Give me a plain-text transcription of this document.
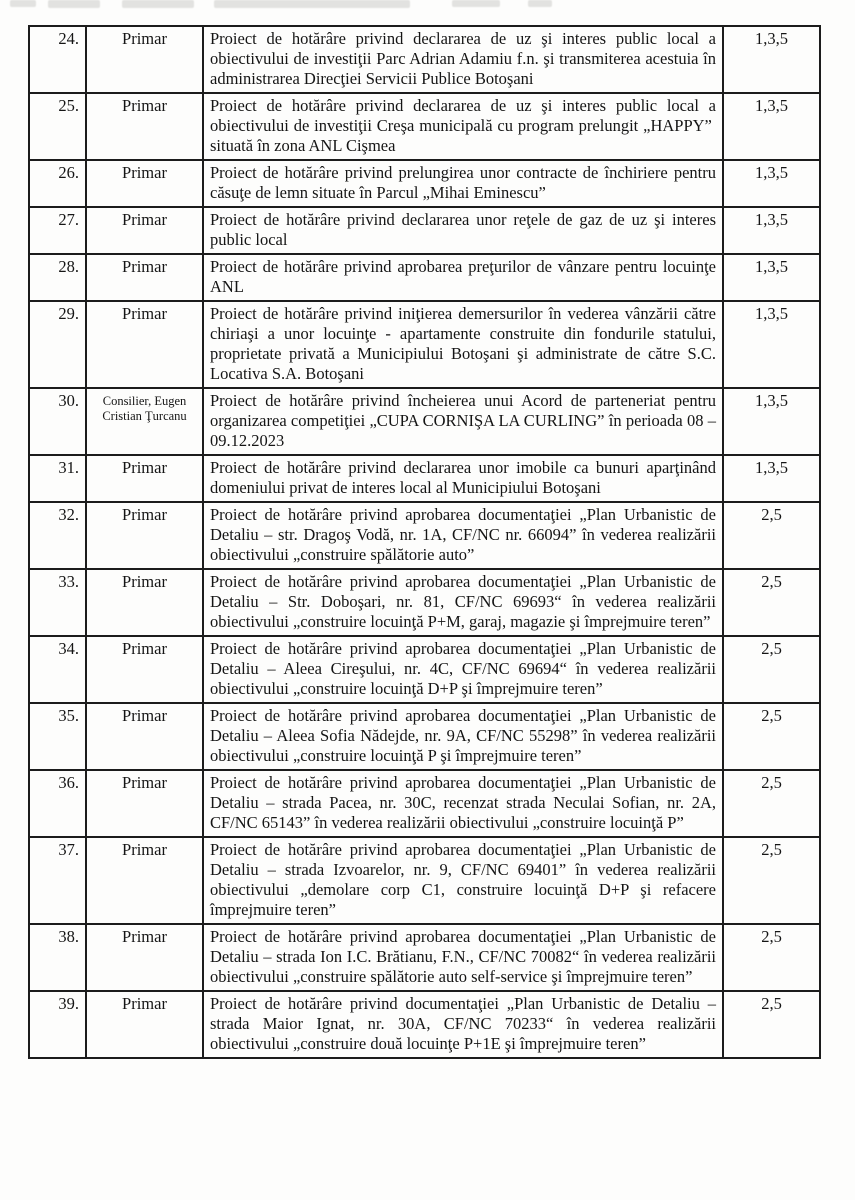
24.	Primar	Proiect de hotărâre privind declararea de uz şi interes public local a obiectivului de investiţii Parc Adrian Adamiu f.n. şi transmiterea acestuia în administrarea Direcţiei Servicii Publice Botoşani	1,3,5
25.	Primar	Proiect de hotărâre privind declararea de uz şi interes public local a obiectivului de investiţii Creşa municipală cu program prelungit „HAPPY”  situată în zona ANL Cişmea	1,3,5
26.	Primar	Proiect de hotărâre privind prelungirea unor contracte de închiriere pentru căsuţe de lemn situate în Parcul „Mihai Eminescu”	1,3,5
27.	Primar	Proiect de hotărâre privind declararea unor reţele de gaz de uz şi interes public local	1,3,5
28.	Primar	Proiect de hotărâre privind aprobarea preţurilor de vânzare pentru locuinţe ANL	1,3,5
29.	Primar	Proiect de hotărâre privind iniţierea demersurilor în vederea vânzării către chiriaşi a unor locuinţe - apartamente construite din fondurile statului, proprietate privată a Municipiului Botoşani şi administrate de către S.C. Locativa S.A. Botoşani	1,3,5
30.	Consilier, Eugen Cristian Ţurcanu	Proiect de hotărâre privind încheierea unui Acord de parteneriat pentru organizarea competiţiei „CUPA CORNIŞA LA CURLING” în perioada 08 – 09.12.2023	1,3,5
31.	Primar	Proiect de hotărâre privind declararea unor imobile ca bunuri aparţinând domeniului privat de interes local al Municipiului Botoşani	1,3,5
32.	Primar	Proiect de hotărâre privind aprobarea documentaţiei „Plan Urbanistic de Detaliu – str. Dragoş Vodă, nr. 1A, CF/NC nr. 66094” în vederea realizării obiectivului „construire spălătorie auto”	2,5
33.	Primar	Proiect de hotărâre privind aprobarea documentaţiei „Plan Urbanistic de Detaliu – Str. Doboşari, nr. 81, CF/NC 69693“ în vederea realizării obiectivului „construire locuinţă P+M, garaj, magazie şi împrejmuire teren”	2,5
34.	Primar	Proiect de hotărâre privind aprobarea documentaţiei „Plan Urbanistic de Detaliu – Aleea Cireşului, nr. 4C, CF/NC 69694“ în vederea realizării obiectivului „construire locuinţă D+P şi împrejmuire teren”	2,5
35.	Primar	Proiect de hotărâre privind aprobarea documentaţiei „Plan Urbanistic de Detaliu – Aleea Sofia Nădejde, nr. 9A, CF/NC 55298” în vederea realizării obiectivului „construire locuinţă P şi împrejmuire teren”	2,5
36.	Primar	Proiect de hotărâre privind aprobarea documentaţiei „Plan Urbanistic de Detaliu – strada Pacea, nr. 30C, recenzat strada Neculai Sofian, nr. 2A, CF/NC 65143” în vederea realizării obiectivului „construire locuinţă P”	2,5
37.	Primar	Proiect de hotărâre privind aprobarea documentaţiei „Plan Urbanistic de Detaliu – strada Izvoarelor, nr. 9, CF/NC 69401” în vederea realizării obiectivului „demolare corp C1, construire locuinţă D+P şi refacere împrejmuire teren”	2,5
38.	Primar	Proiect de hotărâre privind aprobarea documentaţiei „Plan Urbanistic de Detaliu – strada Ion I.C. Brătianu, F.N., CF/NC 70082“ în vederea realizării obiectivului „construire spălătorie auto self-service şi împrejmuire teren”	2,5
39.	Primar	Proiect de hotărâre privind documentaţiei „Plan Urbanistic de Detaliu – strada Maior Ignat, nr. 30A, CF/NC 70233“ în vederea realizării obiectivului „construire două locuinţe P+1E şi împrejmuire teren”	2,5
